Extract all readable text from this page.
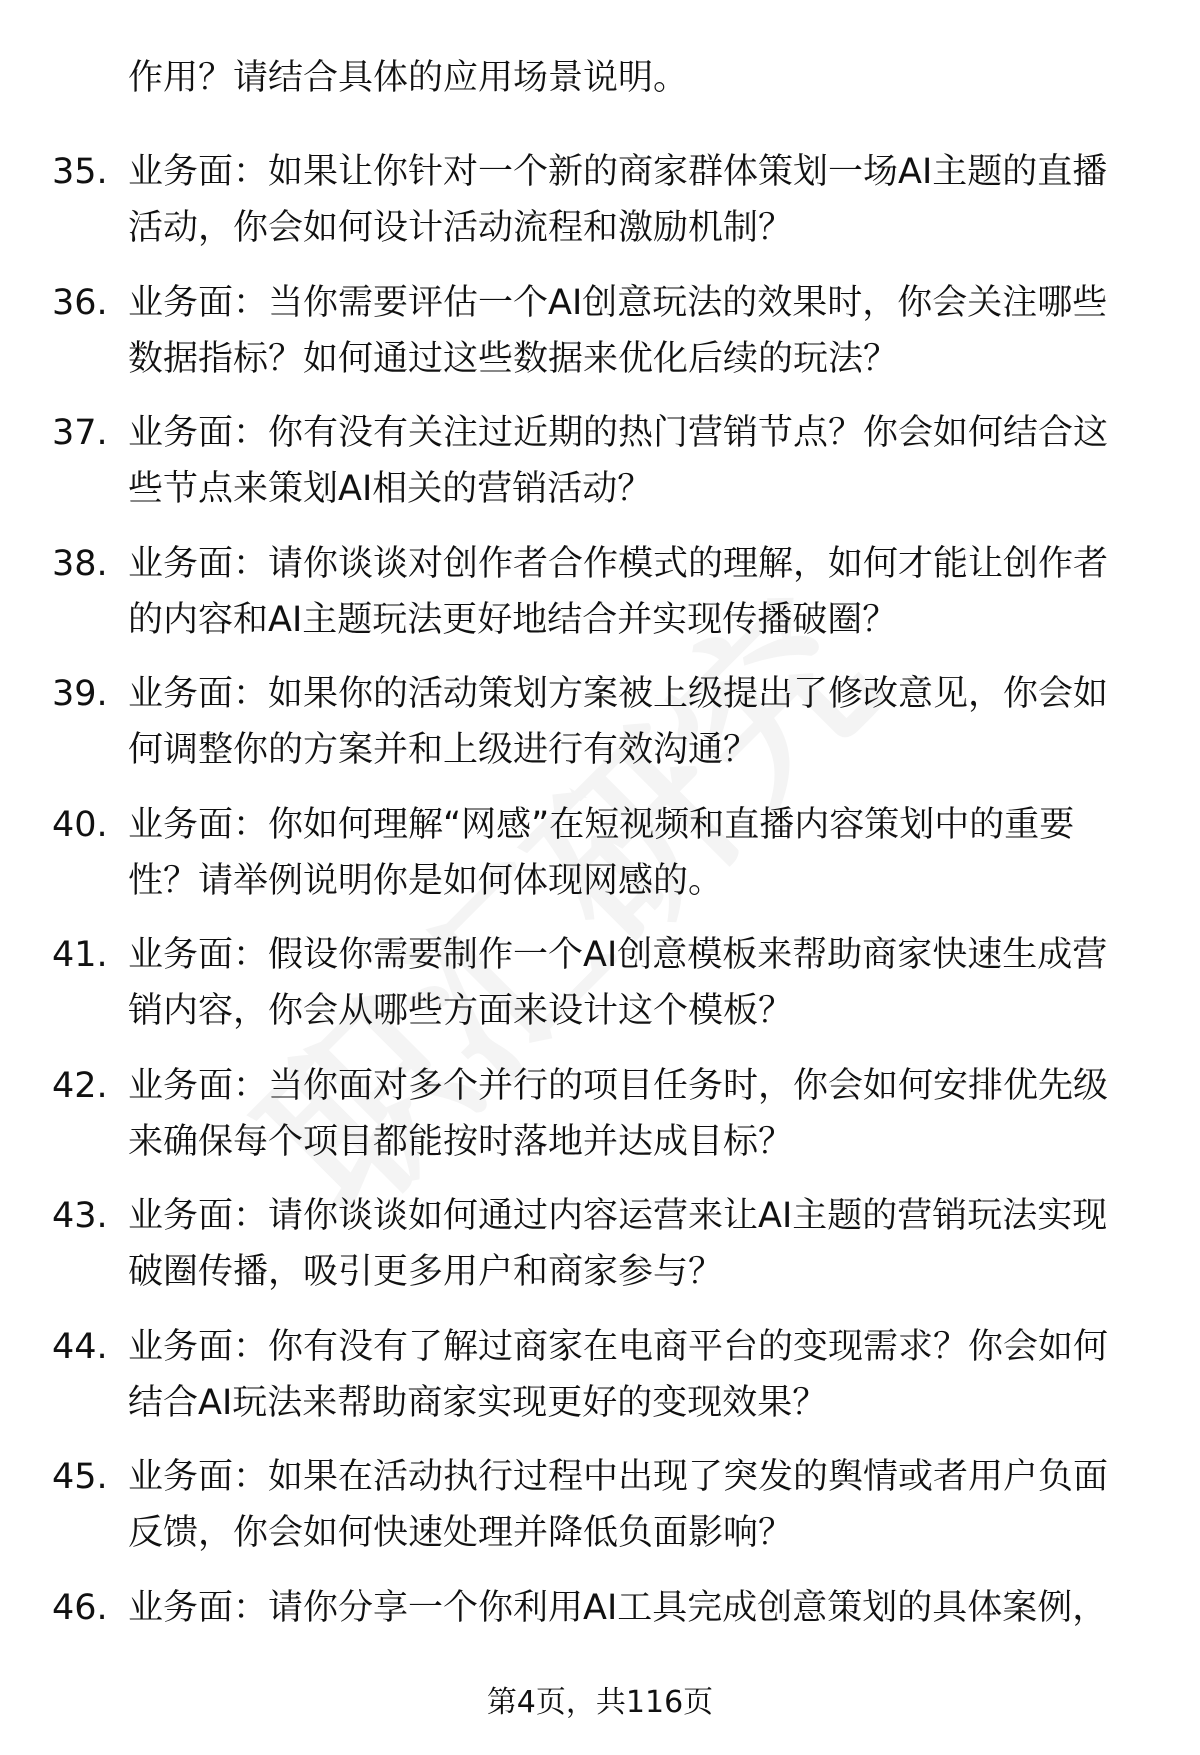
作用？请结合具体的应用场景说明。
35. 业务面：如果让你针对一个新的商家群体策划一场AI主题的直播
活动，你会如何设计活动流程和激励机制？
36. 业务面：当你需要评估一个AI创意玩法的效果时，你会关注哪些
数据指标？如何通过这些数据来优化后续的玩法？
37. 业务面：你有没有关注过近期的热门营销节点？你会如何结合这
些节点来策划AI相关的营销活动？
38. 业务面：请你谈谈对创作者合作模式的理解，如何才能让创作者
的内容和AI主题玩法更好地结合并实现传播破圈？
39. 业务面：如果你的活动策划方案被上级提出了修改意见，你会如
何调整你的方案并和上级进行有效沟通？
40. 业务面：你如何理解“网感”在短视频和直播内容策划中的重要
性？请举例说明你是如何体现网感的。
41. 业务面：假设你需要制作一个AI创意模板来帮助商家快速生成营
销内容，你会从哪些方面来设计这个模板？
42. 业务面：当你面对多个并行的项目任务时，你会如何安排优先级
来确保每个项目都能按时落地并达成目标？
43. 业务面：请你谈谈如何通过内容运营来让AI主题的营销玩法实现
破圈传播，吸引更多用户和商家参与？
44. 业务面：你有没有了解过商家在电商平台的变现需求？你会如何
结合AI玩法来帮助商家实现更好的变现效果？
45. 业务面：如果在活动执行过程中出现了突发的舆情或者用户负面
反馈，你会如何快速处理并降低负面影响？
46. 业务面：请你分享一个你利用AI工具完成创意策划的具体案例，
第4页，共116页
